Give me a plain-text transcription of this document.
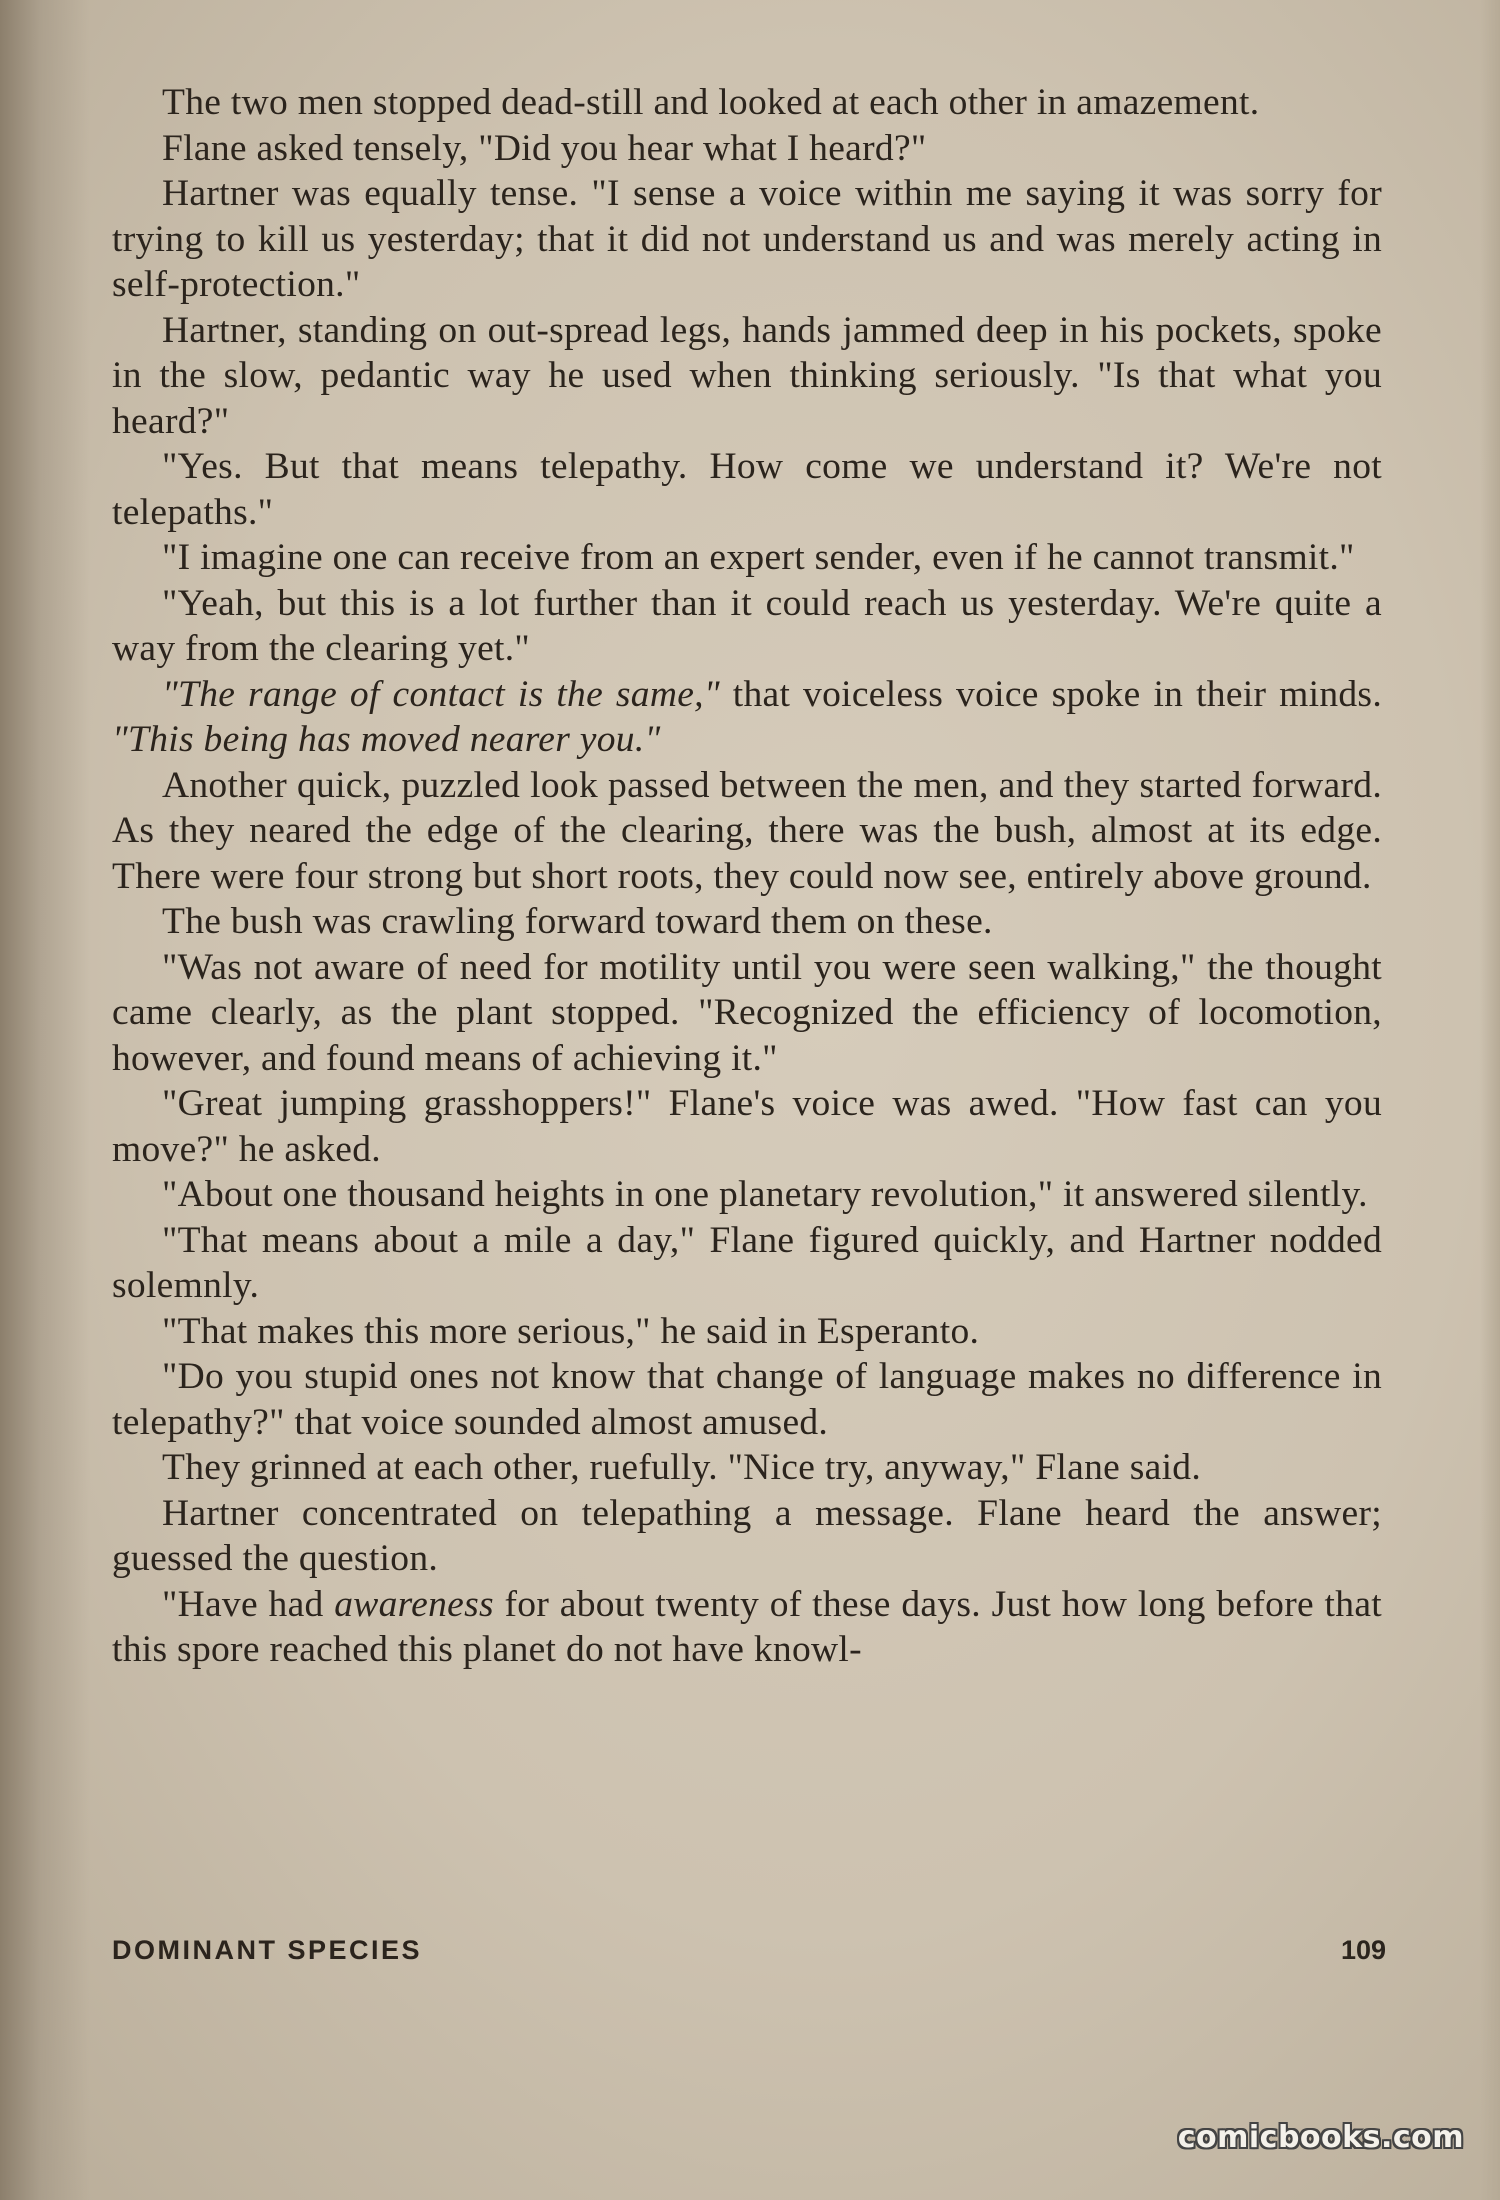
The two men stopped dead-still and looked at each other in amazement.

Flane asked tensely, "Did you hear what I heard?"

Hartner was equally tense. "I sense a voice within me saying it was sorry for trying to kill us yesterday; that it did not understand us and was merely acting in self-protection."

Hartner, standing on out-spread legs, hands jammed deep in his pockets, spoke in the slow, pedantic way he used when thinking seriously. "Is that what you heard?"

"Yes. But that means telepathy. How come we understand it? We're not telepaths."

"I imagine one can receive from an expert sender, even if he cannot transmit."

"Yeah, but this is a lot further than it could reach us yesterday. We're quite a way from the clearing yet."

"The range of contact is the same," that voiceless voice spoke in their minds. "This being has moved nearer you."

Another quick, puzzled look passed between the men, and they started forward. As they neared the edge of the clearing, there was the bush, almost at its edge. There were four strong but short roots, they could now see, entirely above ground.

The bush was crawling forward toward them on these.

"Was not aware of need for motility until you were seen walking," the thought came clearly, as the plant stopped. "Recognized the efficiency of locomotion, however, and found means of achieving it."

"Great jumping grasshoppers!" Flane's voice was awed. "How fast can you move?" he asked.

"About one thousand heights in one planetary revolution," it answered silently.

"That means about a mile a day," Flane figured quickly, and Hartner nodded solemnly.

"That makes this more serious," he said in Esperanto.

"Do you stupid ones not know that change of language makes no difference in telepathy?" that voice sounded almost amused.

They grinned at each other, ruefully. "Nice try, anyway," Flane said.

Hartner concentrated on telepathing a message. Flane heard the answer; guessed the question.

"Have had awareness for about twenty of these days. Just how long before that this spore reached this planet do not have knowl-

DOMINANT SPECIES	109
comicbooks.com
